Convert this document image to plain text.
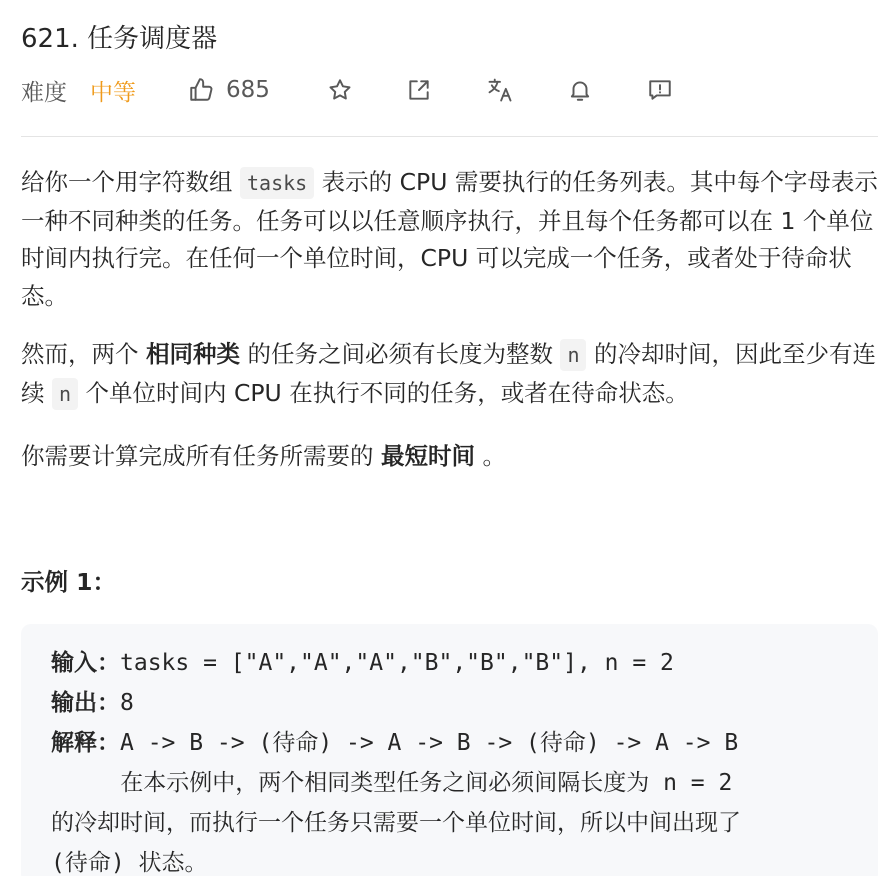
621. 任务调度器
难度 中等	685

给你一个用字符数组 tasks 表示的 CPU 需要执行的任务列表。其中每个字母表示一种不同种类的任务。任务可以以任意顺序执行，并且每个任务都可以在 1 个单位时间内执行完。在任何一个单位时间，CPU 可以完成一个任务，或者处于待命状态。

然而，两个 相同种类 的任务之间必须有长度为整数 n 的冷却时间，因此至少有连续 n 个单位时间内 CPU 在执行不同的任务，或者在待命状态。

你需要计算完成所有任务所需要的 最短时间 。

示例 1：
输入：tasks = ["A","A","A","B","B","B"], n = 2
输出：8
解释：A -> B -> (待命) -> A -> B -> (待命) -> A -> B
在本示例中，两个相同类型任务之间必须间隔长度为 n = 2
的冷却时间，而执行一个任务只需要一个单位时间，所以中间出现了
(待命) 状态。
